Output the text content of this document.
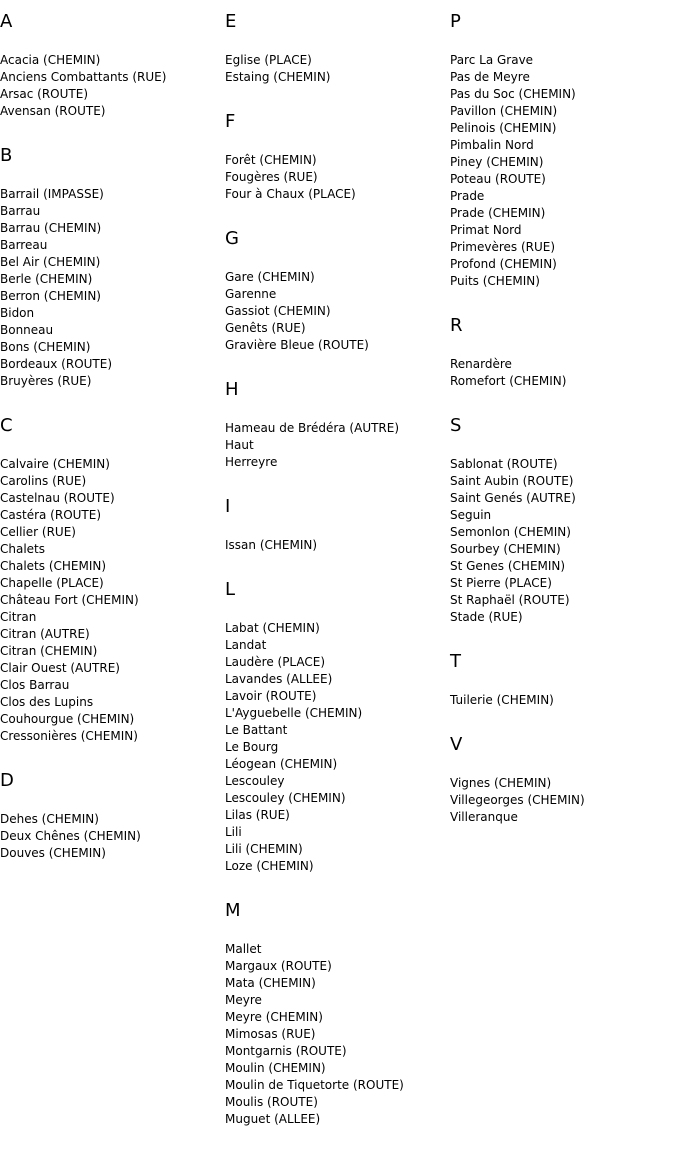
A
Acacia (CHEMIN)
Anciens Combattants (RUE)
Arsac (ROUTE)
Avensan (ROUTE)
B
Barrail (IMPASSE)
Barrau
Barrau (CHEMIN)
Barreau
Bel Air (CHEMIN)
Berle (CHEMIN)
Berron (CHEMIN)
Bidon
Bonneau
Bons (CHEMIN)
Bordeaux (ROUTE)
Bruyères (RUE)
C
Calvaire (CHEMIN)
Carolins (RUE)
Castelnau (ROUTE)
Castéra (ROUTE)
Cellier (RUE)
Chalets
Chalets (CHEMIN)
Chapelle (PLACE)
Château Fort (CHEMIN)
Citran
Citran (AUTRE)
Citran (CHEMIN)
Clair Ouest (AUTRE)
Clos Barrau
Clos des Lupins
Couhourgue (CHEMIN)
Cressonières (CHEMIN)
D
Dehes (CHEMIN)
Deux Chênes (CHEMIN)
Douves (CHEMIN)
E
Eglise (PLACE)
Estaing (CHEMIN)
F
Forêt (CHEMIN)
Fougères (RUE)
Four à Chaux (PLACE)
G
Gare (CHEMIN)
Garenne
Gassiot (CHEMIN)
Genêts (RUE)
Gravière Bleue (ROUTE)
H
Hameau de Brédéra (AUTRE)
Haut
Herreyre
I
Issan (CHEMIN)
L
Labat (CHEMIN)
Landat
Laudère (PLACE)
Lavandes (ALLEE)
Lavoir (ROUTE)
L'Ayguebelle (CHEMIN)
Le Battant
Le Bourg
Léogean (CHEMIN)
Lescouley
Lescouley (CHEMIN)
Lilas (RUE)
Lili
Lili (CHEMIN)
Loze (CHEMIN)
M
Mallet
Margaux (ROUTE)
Mata (CHEMIN)
Meyre
Meyre (CHEMIN)
Mimosas (RUE)
Montgarnis (ROUTE)
Moulin (CHEMIN)
Moulin de Tiquetorte (ROUTE)
Moulis (ROUTE)
Muguet (ALLEE)
P
Parc La Grave
Pas de Meyre
Pas du Soc (CHEMIN)
Pavillon (CHEMIN)
Pelinois (CHEMIN)
Pimbalin Nord
Piney (CHEMIN)
Poteau (ROUTE)
Prade
Prade (CHEMIN)
Primat Nord
Primevères (RUE)
Profond (CHEMIN)
Puits (CHEMIN)
R
Renardère
Romefort (CHEMIN)
S
Sablonat (ROUTE)
Saint Aubin (ROUTE)
Saint Genés (AUTRE)
Seguin
Semonlon (CHEMIN)
Sourbey (CHEMIN)
St Genes (CHEMIN)
St Pierre (PLACE)
St Raphaël (ROUTE)
Stade (RUE)
T
Tuilerie (CHEMIN)
V
Vignes (CHEMIN)
Villegeorges (CHEMIN)
Villeranque
